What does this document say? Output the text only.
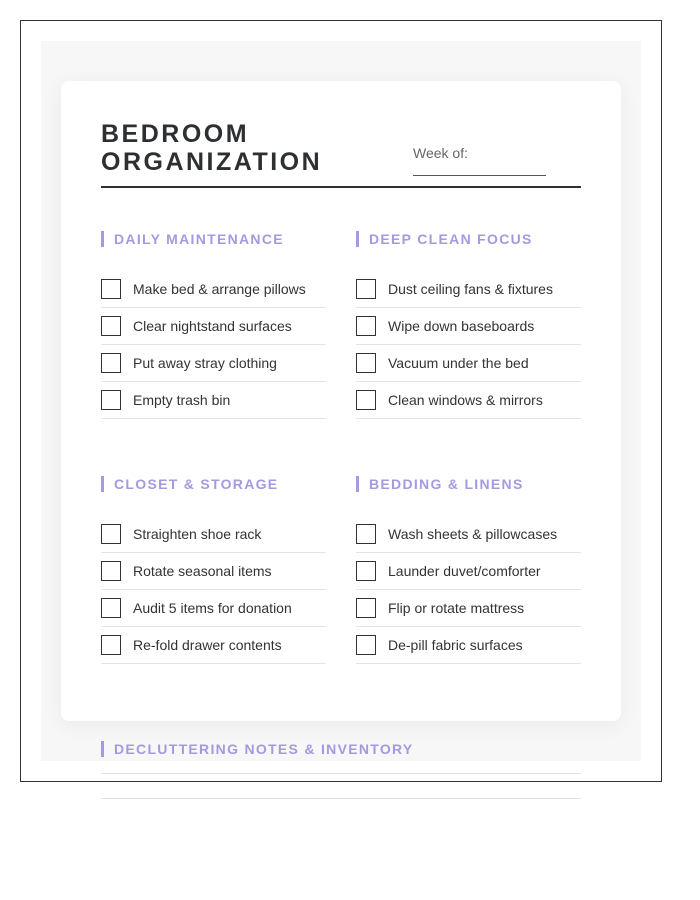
BEDROOM
ORGANIZATION	Week of:
DAILY MAINTENANCE
Make bed & arrange pillows
Clear nightstand surfaces
Put away stray clothing
Empty trash bin
DEEP CLEAN FOCUS
Dust ceiling fans & fixtures
Wipe down baseboards
Vacuum under the bed
Clean windows & mirrors
CLOSET & STORAGE
Straighten shoe rack
Rotate seasonal items
Audit 5 items for donation
Re-fold drawer contents
BEDDING & LINENS
Wash sheets & pillowcases
Launder duvet/comforter
Flip or rotate mattress
De-pill fabric surfaces
DECLUTTERING NOTES & INVENTORY
